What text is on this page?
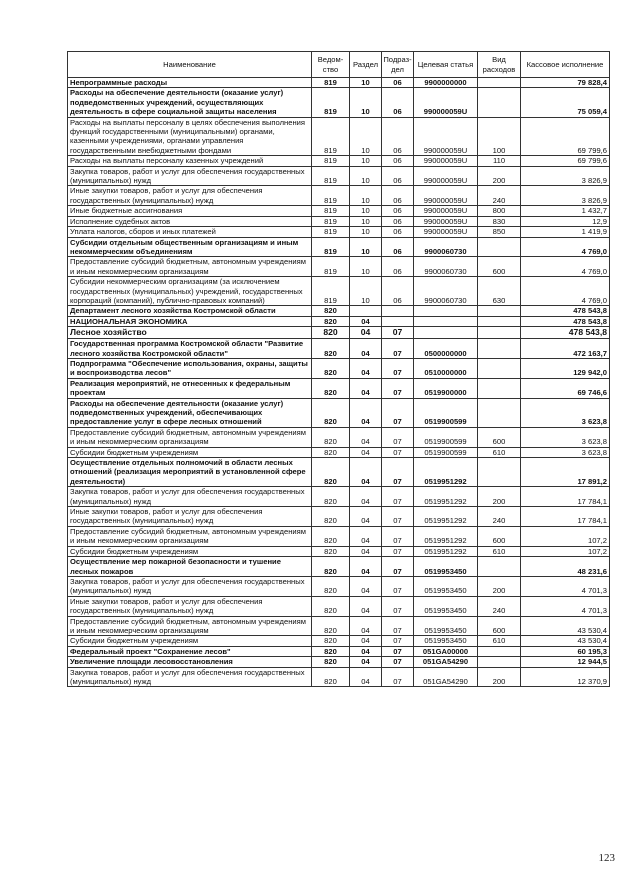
Наименование	Ведом-ство	Раздел	Подраз-дел	Целевая статья	Вид расходов	Кассовое исполнение
Непрограммные расходы	819	10	06	9900000000		79 828,4
Расходы на обеспечение деятельности (оказание услуг) подведомственных учреждений, осуществляющих деятельность в сфере социальной защиты населения	819	10	06	990000059U		75 059,4
Расходы на выплаты персоналу в целях обеспечения выполнения функций государственными (муниципальными) органами, казенными учреждениями, органами управления государственными внебюджетными фондами	819	10	06	990000059U	100	69 799,6
Расходы на выплаты персоналу казенных учреждений	819	10	06	990000059U	110	69 799,6
Закупка товаров, работ и услуг для обеспечения государственных (муниципальных) нужд	819	10	06	990000059U	200	3 826,9
Иные закупки товаров, работ и услуг для обеспечения государственных (муниципальных) нужд	819	10	06	990000059U	240	3 826,9
Иные бюджетные ассигнования	819	10	06	990000059U	800	1 432,7
Исполнение судебных актов	819	10	06	990000059U	830	12,9
Уплата налогов, сборов и иных платежей	819	10	06	990000059U	850	1 419,9
Субсидии отдельным общественным организациям и иным некоммерческим объединениям	819	10	06	9900060730		4 769,0
Предоставление субсидий бюджетным, автономным учреждениям и иным некоммерческим организациям	819	10	06	9900060730	600	4 769,0
Субсидии некоммерческим организациям (за исключением государственных (муниципальных) учреждений, государственных корпораций (компаний), публично-правовых компаний)	819	10	06	9900060730	630	4 769,0
Департамент лесного хозяйства Костромской области	820					478 543,8
НАЦИОНАЛЬНАЯ ЭКОНОМИКА	820	04				478 543,8
Лесное хозяйство	820	04	07			478 543,8
Государственная программа Костромской области "Развитие лесного хозяйства Костромской области"	820	04	07	0500000000		472 163,7
Подпрограмма "Обеспечение использования, охраны, защиты и воспроизводства лесов"	820	04	07	0510000000		129 942,0
Реализация мероприятий, не отнесенных к федеральным проектам	820	04	07	0519900000		69 746,6
Расходы на обеспечение деятельности (оказание услуг) подведомственных учреждений, обеспечивающих предоставление услуг в сфере лесных отношений	820	04	07	0519900599		3 623,8
Предоставление субсидий бюджетным, автономным учреждениям и иным некоммерческим организациям	820	04	07	0519900599	600	3 623,8
Субсидии бюджетным учреждениям	820	04	07	0519900599	610	3 623,8
Осуществление отдельных полномочий в области лесных отношений (реализация мероприятий в установленной сфере деятельности)	820	04	07	0519951292		17 891,2
Закупка товаров, работ и услуг для обеспечения государственных (муниципальных) нужд	820	04	07	0519951292	200	17 784,1
Иные закупки товаров, работ и услуг для обеспечения государственных (муниципальных) нужд	820	04	07	0519951292	240	17 784,1
Предоставление субсидий бюджетным, автономным учреждениям и иным некоммерческим организациям	820	04	07	0519951292	600	107,2
Субсидии бюджетным учреждениям	820	04	07	0519951292	610	107,2
Осуществление мер пожарной безопасности и тушение лесных пожаров	820	04	07	0519953450		48 231,6
Закупка товаров, работ и услуг для обеспечения государственных (муниципальных) нужд	820	04	07	0519953450	200	4 701,3
Иные закупки товаров, работ и услуг для обеспечения государственных (муниципальных) нужд	820	04	07	0519953450	240	4 701,3
Предоставление субсидий бюджетным, автономным учреждениям и иным некоммерческим организациям	820	04	07	0519953450	600	43 530,4
Субсидии бюджетным учреждениям	820	04	07	0519953450	610	43 530,4
Федеральный проект "Сохранение лесов"	820	04	07	051GA00000		60 195,3
Увеличение площади лесовосстановления	820	04	07	051GA54290		12 944,5
Закупка товаров, работ и услуг для обеспечения государственных (муниципальных) нужд	820	04	07	051GA54290	200	12 370,9
123
